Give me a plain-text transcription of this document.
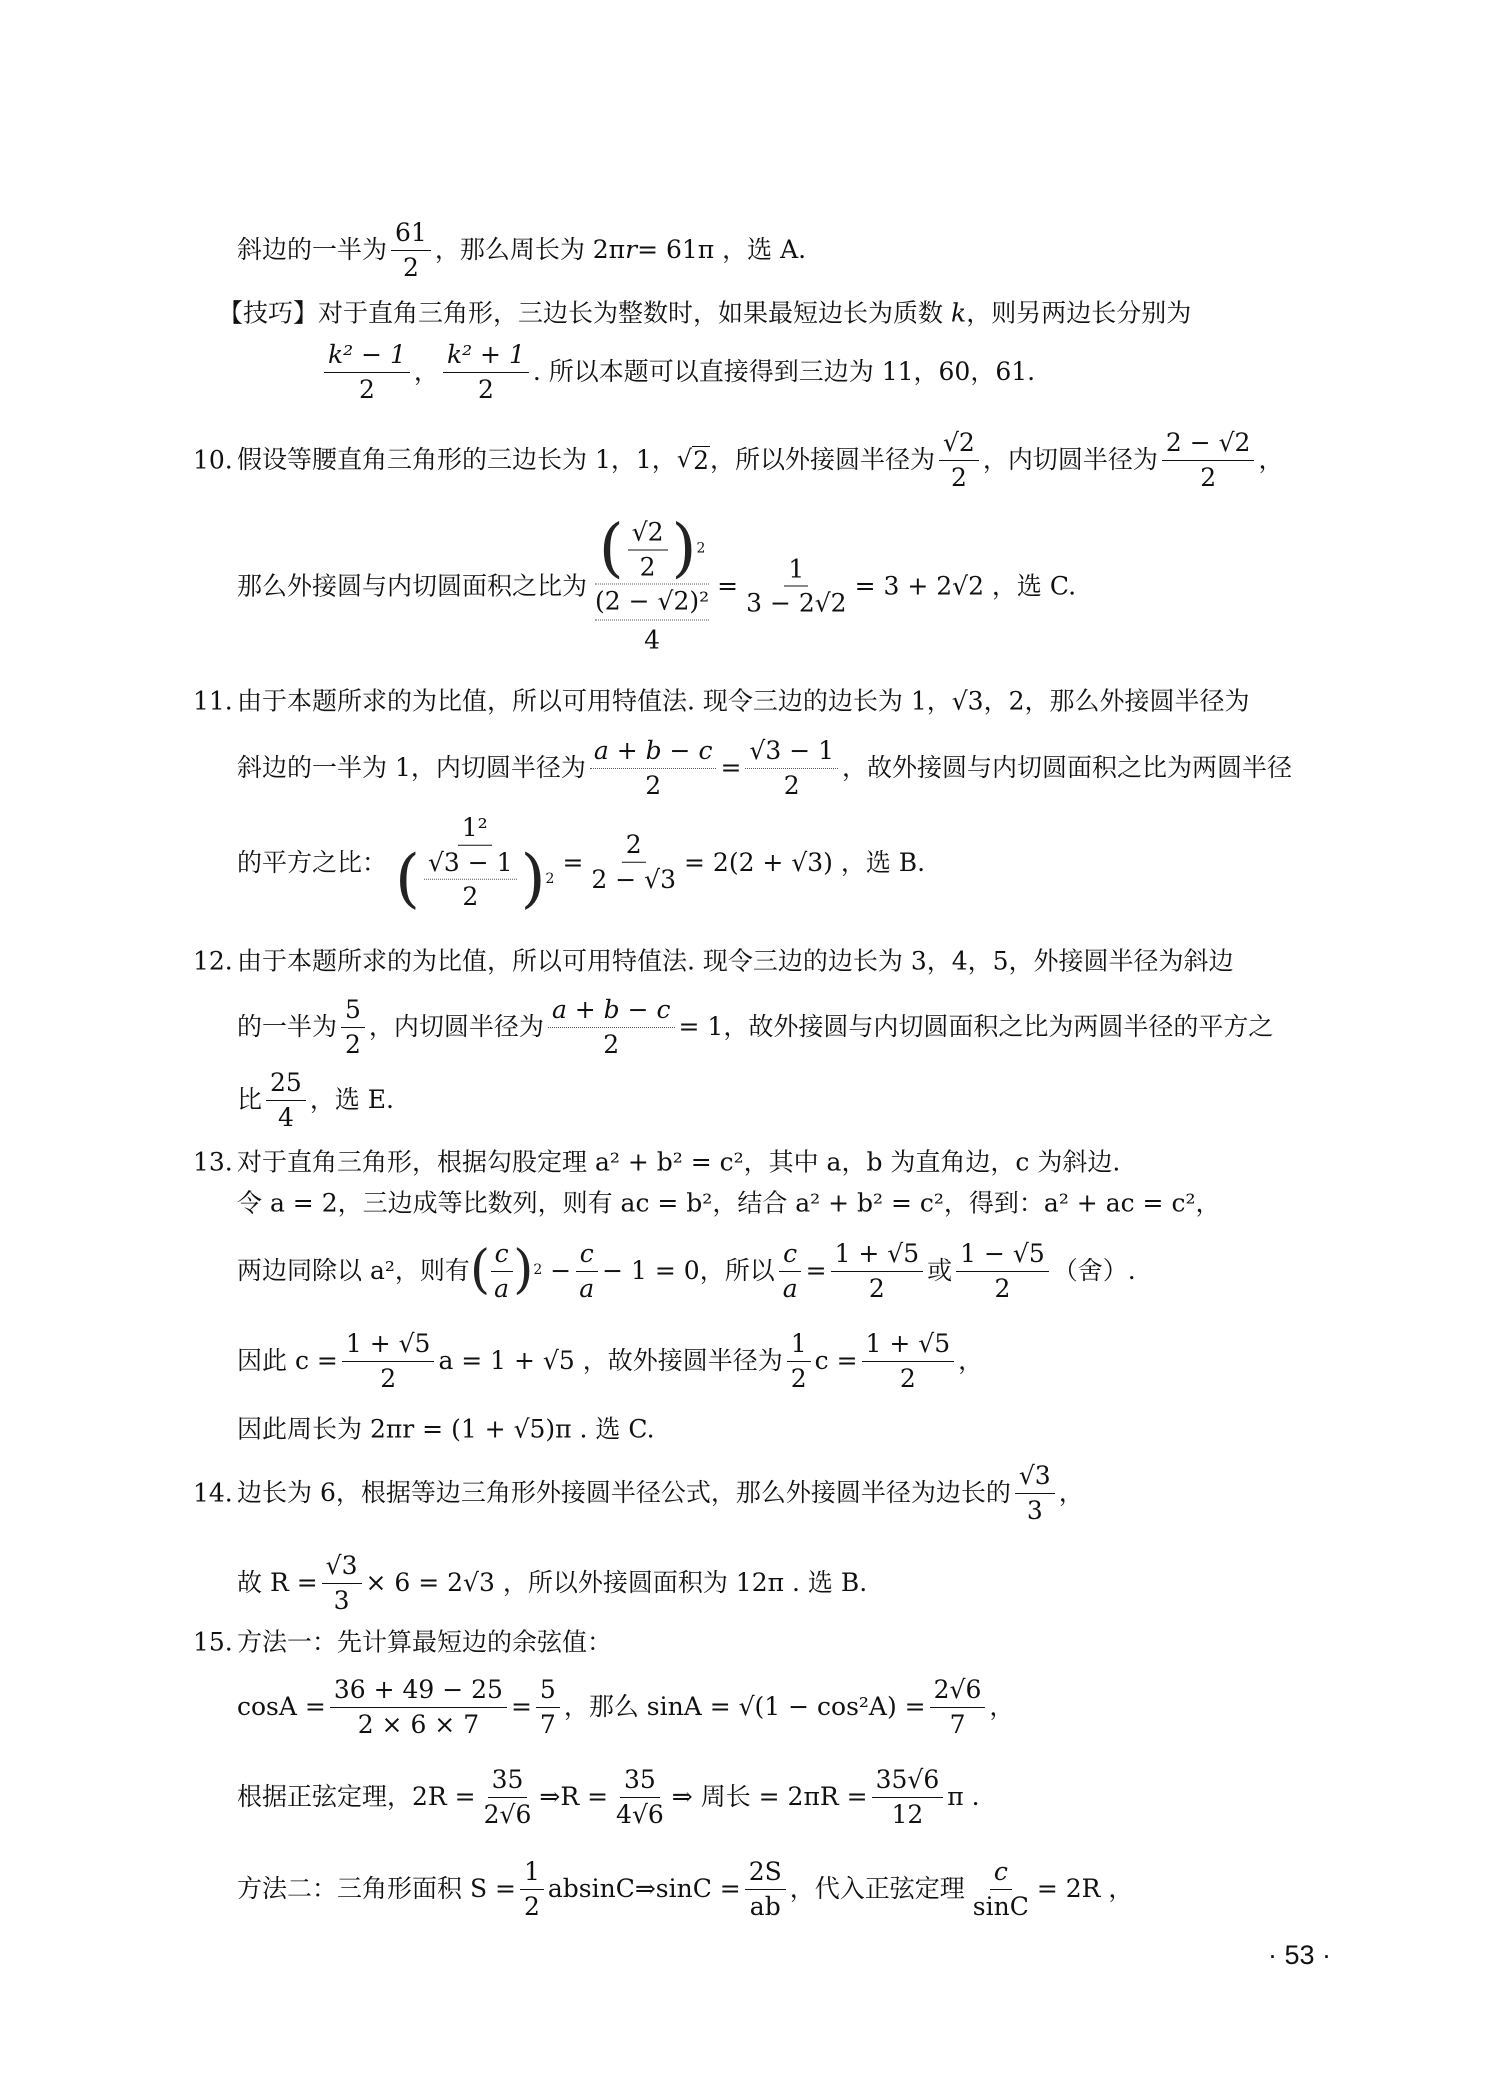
斜边的一半为 $\frac{61}{2}$ ，那么周长为 2π r = 61π ，选 A.
【技巧】 对于直角三角形，三边长为整数时，如果最短边长为质数 k ，则另两边长分别为
$\frac{\text{k² − 1}}{2}$ ， $\frac{\text{k² + 1}}{2}$ . 所以本题可以直接得到三边为 11，60，61.
10. 假设等腰直角三角形的三边长为 1，1， √ 2 ，所以外接圆半径为 $\frac{√2}{2}$ ，内切圆半径为 $\frac{2 - √2}{2}$ ，
那么外接圆与内切圆面积之比为 ( $\frac{√2}{2}$ ) 2
(2 − √2)²
$4 = \frac{1}{3 - 2√2} = 3 + 2√2$ ，选 C.
11. 由于本题所求的为比值，所以可用特值法. 现令三边的边长为 1，√3，2，那么外接圆半径为
斜边的一半为 1，内切圆半径为 $\frac{a + b - c}{2} = \frac{√3 - 1}{2}$ ，故外接圆与内切圆面积之比为两圆半径
的平方之比： $\frac{\text{1²}}{( \frac{√3 - 1}{2} ) 2} = \frac{2}{2 - √3} = 2(2 + √3)$ ，选 B.
12. 由于本题所求的为比值，所以可用特值法. 现令三边的边长为 3，4，5，外接圆半径为斜边
的一半为 $\frac{5}{2}$ ，内切圆半径为 $\frac{a + b - c}{2} = 1$，故外接圆与内切圆面积之比为两圆半径的平方之
比 $\frac{25}{4}$ ，选 E.
13. 对于直角三角形，根据勾股定理 a² + b² = c²，其中 a，b 为直角边，c 为斜边.
令 a = 2，三边成等比数列，则有 ac = b²，结合 a² + b² = c²，得到：a² + ac = c²，
两边同除以 a²，则有 ( $\frac{c}{a}$ ) $2 - \frac{c}{a} - 1 = 0$，所以 $\frac{c}{a} = \frac{1 + √5}{2}$ 或 $\frac{1 - √5}{2}$ （舍）.
因此 $c = \frac{1 + √5}{2}$ a = 1 + √5 ，故外接圆半径为 $\frac{1}{2}$ $c = \frac{1 + √5}{2}$ ，
因此周长为 2πr = (1 + √5)π . 选 C.
14. 边长为 6，根据等边三角形外接圆半径公式，那么外接圆半径为边长的 $\frac{√3}{3}$ ，
故 $R = \frac{√3}{3} \times 6 = 2√3$ ，所以外接圆面积为 12π . 选 B.
15. 方法一：先计算最短边的余弦值：
$\cos A = \frac{36 + 49 - 25}{2 \times 6 \times 7} = \frac{5}{7}$ ，那么 $\sin A = √(1 - \cos^2A) = \frac{2√6}{7}$ ，
根据正弦定理，$2R = \frac{35}{2√6}$ ⇒R = $\frac{35}{4√6}$ ⇒ 周长 = $2\pi R = \frac{35√6}{12}$ π .
方法二：三角形面积 $S = \frac{1}{2}$ absinC⇒sinC = $\frac{2S}{ab}$ ，代入正弦定理 $\frac{c}{\sin C} = 2R$ ，
· 53 ·
